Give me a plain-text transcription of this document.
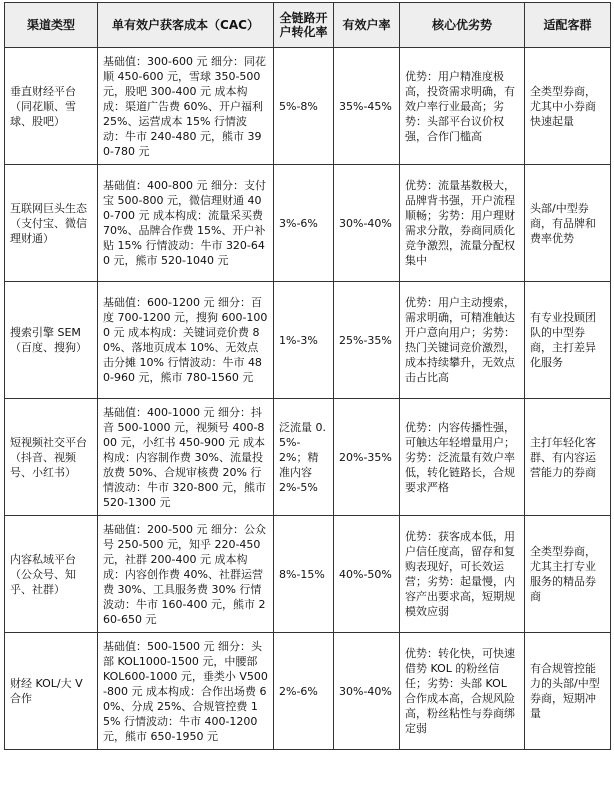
渠道类型	单有效户获客成本（CAC）	全链路开户转化率	有效户率	核心优劣势	适配客群
垂直财经平台（同花顺、雪球、股吧）	基础值：300-600 元 细分：同花顺 450-600 元，雪球 350-500 元，股吧 300-400 元 成本构成：渠道广告费 60%、开户福利 25%、运营成本 15% 行情波动：牛市 240-480 元，熊市 390-780 元	5%-8%	35%-45%	优势：用户精准度极高，投资需求明确，有效户率行业最高；劣势：头部平台议价权强，合作门槛高	全类型券商，尤其中小券商快速起量
互联网巨头生态（支付宝、微信理财通）	基础值：400-800 元 细分：支付宝 500-800 元，微信理财通 400-700 元 成本构成：流量采买费 70%、品牌合作费 15%、开户补贴 15% 行情波动：牛市 320-640 元，熊市 520-1040 元	3%-6%	30%-40%	优势：流量基数极大，品牌背书强，开户流程顺畅；劣势：用户理财需求分散，券商同质化竞争激烈，流量分配权集中	头部/中型券商，有品牌和费率优势
搜索引擎 SEM（百度、搜狗）	基础值：600-1200 元 细分：百度 700-1200 元，搜狗 600-1000 元 成本构成：关键词竞价费 80%、落地页成本 10%、无效点击分摊 10% 行情波动：牛市 480-960 元，熊市 780-1560 元	1%-3%	25%-35%	优势：用户主动搜索，需求明确，可精准触达开户意向用户；劣势：热门关键词竞价激烈，成本持续攀升，无效点击占比高	有专业投顾团队的中型券商，主打差异化服务
短视频社交平台（抖音、视频号、小红书）	基础值：400-1000 元 细分：抖音 500-1000 元，视频号 400-800 元，小红书 450-900 元 成本构成：内容制作费 30%、流量投放费 50%、合规审核费 20% 行情波动：牛市 320-800 元，熊市 520-1300 元	泛流量 0.5%-2%；精准内容 2%-5%	20%-35%	优势：内容传播性强，可触达年轻增量用户；劣势：泛流量有效户率低，转化链路长，合规要求严格	主打年轻化客群、有内容运营能力的券商
内容私域平台（公众号、知乎、社群）	基础值：200-500 元 细分：公众号 250-500 元，知乎 220-450 元，社群 200-400 元 成本构成：内容创作费 40%、社群运营费 30%、工具服务费 30% 行情波动：牛市 160-400 元，熊市 260-650 元	8%-15%	40%-50%	优势：获客成本低，用户信任度高，留存和复购表现好，可长效运营；劣势：起量慢，内容产出要求高，短期规模效应弱	全类型券商，尤其主打专业服务的精品券商
财经 KOL/大 V 合作	基础值：500-1500 元 细分：头部 KOL1000-1500 元，中腰部 KOL600-1000 元，垂类小 V500-800 元 成本构成：合作出场费 60%、分成 25%、合规管控费 15% 行情波动：牛市 400-1200 元，熊市 650-1950 元	2%-6%	30%-40%	优势：转化快，可快速借势 KOL 的粉丝信任；劣势：头部 KOL 合作成本高，合规风险高，粉丝粘性与券商绑定弱	有合规管控能力的头部/中型券商，短期冲量
